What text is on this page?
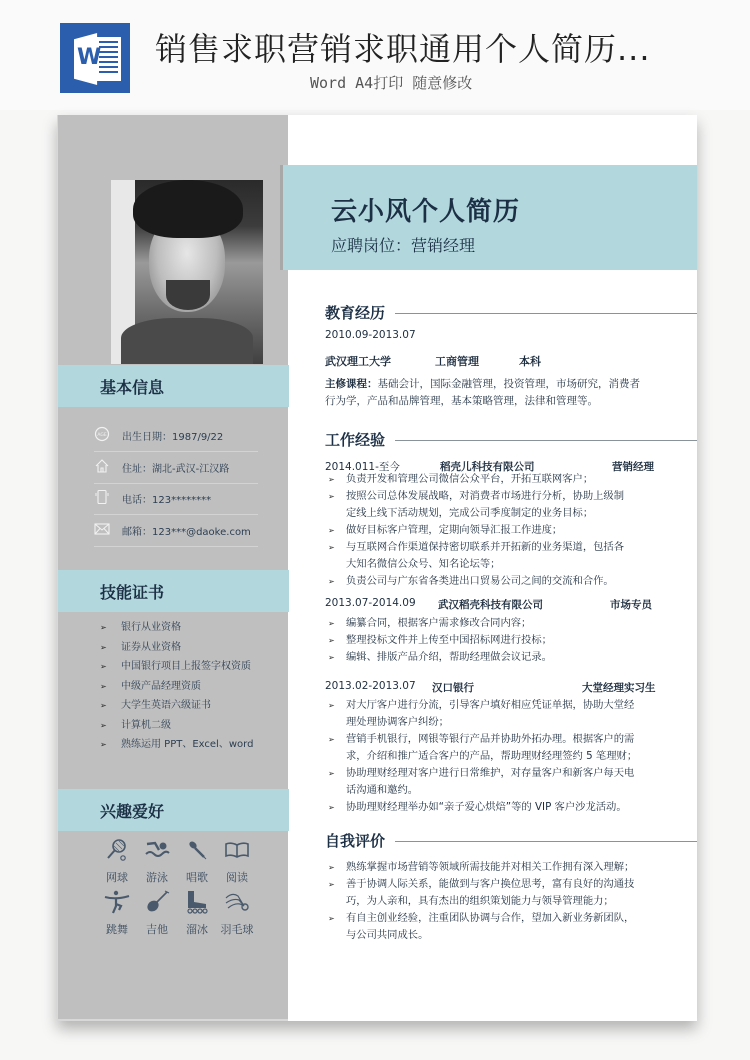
W 销售求职营销求职通用个人简历...
Word A4打印 随意修改
基本信息
AGE 出生日期：1987/9/22
住址：湖北-武汉-江汉路
电话：123********
邮箱：123***@daoke.com
技能证书
➢ 银行从业资格
➢ 证券从业资格
➢ 中国银行项目上报签字权资质
➢ 中级产品经理资质
➢ 大学生英语六级证书
➢ 计算机二级
➢ 熟练运用 PPT、Excel、word
兴趣爱好
网球	游泳	唱歌	阅读
跳舞	吉他	溜冰	羽毛球
云小风个人简历
应聘岗位：营销经理
教育经历
2010.09-2013.07
武汉理工大学	工商管理	本科
主修课程：基础会计，国际金融管理，投资管理，市场研究，消费者
行为学，产品和品牌管理，基本策略管理，法律和管理等。
工作经验
2014.011-至今	稻壳儿科技有限公司	营销经理
➢ 负责开发和管理公司微信公众平台，开拓互联网客户；
➢ 按照公司总体发展战略，对消费者市场进行分析，协助上级制
定线上线下活动规划，完成公司季度制定的业务目标；
➢ 做好目标客户管理，定期向领导汇报工作进度；
➢ 与互联网合作渠道保持密切联系并开拓新的业务渠道，包括各
大知名微信公众号、知名论坛等；
➢ 负责公司与广东省各类进出口贸易公司之间的交流和合作。
2013.07-2014.09 武汉稻壳科技有限公司	市场专员
➢ 编纂合同，根据客户需求修改合同内容；
➢ 整理投标文件并上传至中国招标网进行投标；
➢ 编辑、排版产品介绍，帮助经理做会议记录。
2013.02-2013.07 汉口银行	大堂经理实习生
➢ 对大厅客户进行分流，引导客户填好相应凭证单据，协助大堂经
理处理协调客户纠纷；
➢ 营销手机银行，网银等银行产品并协助外拓办理。根据客户的需
求，介绍和推广适合客户的产品，帮助理财经理签约 5 笔理财；
➢ 协助理财经理对客户进行日常维护，对存量客户和新客户每天电
话沟通和邀约。
➢ 协助理财经理举办如“亲子爱心烘焙”等的 VIP 客户沙龙活动。
自我评价
➢ 熟练掌握市场营销等领域所需技能并对相关工作拥有深入理解；
➢ 善于协调人际关系，能做到与客户换位思考，富有良好的沟通技
巧，为人亲和，具有杰出的组织策划能力与领导管理能力；
➢ 有自主创业经验，注重团队协调与合作，望加入新业务新团队，
与公司共同成长。
